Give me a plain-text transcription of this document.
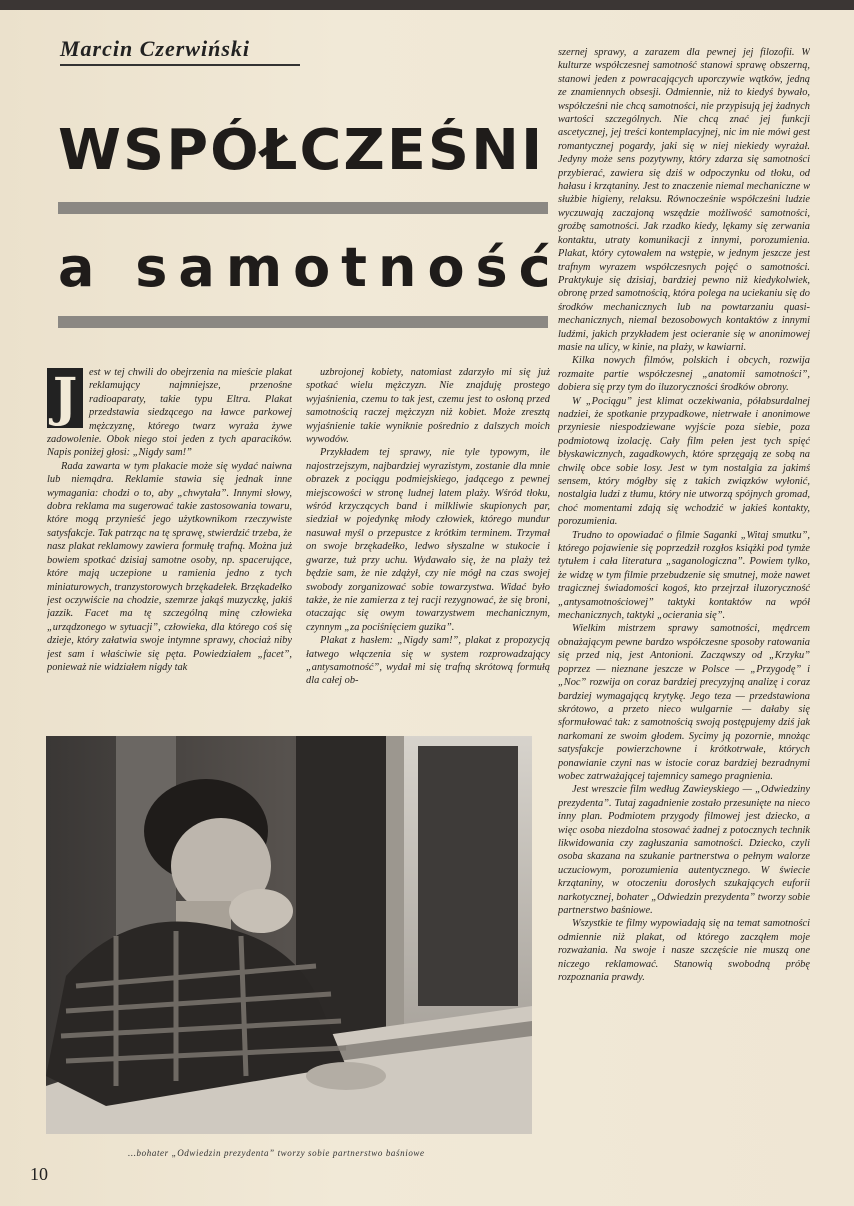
Marcin Czerwiński
WSPÓŁCZEŚNI
a samotność

J	est w tej chwili do obejrzenia na mieście plakat reklamujący najmniejsze, przenośne radioaparaty, takie typu Eltra. Plakat przedstawia siedzącego na ławce parkowej mężczyznę, którego twarz wyraża żywe zadowolenie. Obok niego stoi jeden z tych aparacików. Napis poniżej głosi: „Nigdy sam!”

Rada zawarta w tym plakacie może się wydać naiwna lub niemądra. Reklamie stawia się jednak inne wymagania: chodzi o to, aby „chwytała”. Innymi słowy, dobra reklama ma sugerować takie zastosowania towaru, które mogą przynieść jego użytkownikom rzeczywiste satysfakcje. Tak patrząc na tę sprawę, stwierdzić trzeba, że nasz plakat reklamowy zawiera formułę trafną. Można już bowiem spotkać dzisiaj samotne osoby, np. spacerujące, które mają uczepione u ramienia jedno z tych miniaturowych, tranzystorowych brzękadełek. Brzękadełko jest oczywiście na chodzie, szemrze jakąś muzyczkę, jakiś jazzik. Facet ma tę szczególną minę człowieka „urządzonego w sytuacji”, człowieka, dla którego coś się dzieje, który załatwia swoje intymne sprawy, chociaż niby jest sam i właściwie się pęta. Powiedziałem „facet”, ponieważ nie widziałem nigdy tak

uzbrojonej kobiety, natomiast zdarzyło mi się już spotkać wielu mężczyzn. Nie znajduję prostego wyjaśnienia, czemu to tak jest, czemu jest to osłoną przed samotnością raczej mężczyzn niż kobiet. Może zresztą wyjaśnienie takie wyniknie pośrednio z dalszych moich wywodów.

Przykładem tej sprawy, nie tyle typowym, ile najostrzejszym, najbardziej wyrazistym, zostanie dla mnie obrazek z pociągu podmiejskiego, jadącego z pewnej miejscowości w stronę ludnej latem plaży. Wśród tłoku, wśród krzyczących band i milkliwie skupionych par, siedział w pojedynkę młody człowiek, którego mundur nasuwał myśl o przepustce z krótkim terminem. Trzymał on swoje brzękadełko, ledwo słyszalne w stukocie i gwarze, tuż przy uchu. Wydawało się, że na plaży też będzie sam, że nie zdążył, czy nie mógł na czas swojej swobody zorganizować sobie towarzystwa. Widać było także, że nie zamierza z tej racji rezygnować, że się broni, otaczając się owym towarzystwem mechanicznym, czynnym „za pociśnięciem guzika”.

Plakat z hasłem: „Nigdy sam!”, plakat z propozycją łatwego włączenia się w system rozprowadzający „antysamotność”, wydał mi się trafną skrótową formułą dla całej ob-

szernej sprawy, a zarazem dla pewnej jej filozofii. W kulturze współczesnej samotność stanowi sprawę obszerną, stanowi jeden z powracających uporczywie wątków, jedną ze znamiennych obsesji. Odmiennie, niż to kiedyś bywało, współcześni nie chcą samotności, nie przypisują jej żadnych wartości szczególnych. Nie chcą znać jej funkcji ascetycznej, jej treści kontemplacyjnej, nic im nie mówi gest romantycznej pogardy, jaki się w niej niekiedy wyrażał. Jedyny może sens pozytywny, który zdarza się samotności przybierać, zawiera się dziś w odpoczynku od tłoku, od hałasu i krzątaniny. Jest to znaczenie niemal mechaniczne w służbie higieny, relaksu. Równocześnie współcześni ludzie wyczuwają zaczajoną wszędzie możliwość samotności, groźbę samotności. Jak rzadko kiedy, lękamy się zerwania kontaktu, utraty komunikacji z innymi, porozumienia. Plakat, który cytowałem na wstępie, w jednym jeszcze jest trafnym wyrazem współczesnych pojęć o samotności. Praktykuje się dzisiaj, bardziej pewno niż kiedykolwiek, obronę przed samotnością, która polega na uciekaniu się do środków mechanicznych lub na powtarzaniu quasi-mechanicznych, niemal bezosobowych kontaktów z innymi ludźmi, jakich przykładem jest ocieranie się w anonimowej masie na ulicy, w kinie, na plaży, w kawiarni.

Kilka nowych filmów, polskich i obcych, rozwija rozmaite partie współczesnej „anatomii samotności”, dobiera się przy tym do iluzoryczności środków obrony.

W „Pociągu” jest klimat oczekiwania, półabsurdalnej nadziei, że spotkanie przypadkowe, nietrwałe i anonimowe przyniesie niespodziewane wyjście poza siebie, poza podmiotową izolację. Cały film pełen jest tych spięć błyskawicznych, zagadkowych, które sprzęgają ze sobą na chwilę obce sobie losy. Jest w tym nostalgia za jakimś sensem, który mógłby się z takich związków wyłonić, nostalgia ludzi z tłumu, który nie utworzą spójnych gromad, choć momentami zdają się wchodzić w jakieś kontakty, porozumienia.

Trudno to opowiadać o filmie Saganki „Witaj smutku”, którego pojawienie się poprzedził rozgłos książki pod tymże tytułem i cała literatura „saganologiczna”. Powiem tylko, że widzę w tym filmie przebudzenie się smutnej, może nawet tragicznej świadomości kogoś, kto przejrzał iluzoryczność „antysamotnościowej” taktyki kontaktów na wpół mechanicznych, taktyki „ocierania się”.

Wielkim mistrzem sprawy samotności, mędrcem obnażającym pewne bardzo współczesne sposoby ratowania się przed nią, jest Antonioni. Zacząwszy od „Krzyku” poprzez — nieznane jeszcze w Polsce — „Przygodę” i „Noc” rozwija on coraz bardziej precyzyjną analizę i coraz bardziej wymagającą krytykę. Jego teza — przedstawiona skrótowo, a przeto nieco wulgarnie — dałaby się sformułować tak: z samotnością swoją postępujemy dziś jak narkomani ze swoim głodem. Sycimy ją pozornie, mnożąc satysfakcje powierzchowne i krótkotrwałe, których ponawianie czyni nas w istocie coraz bardziej bezradnymi wobec zatrważającej tajemnicy samego pragnienia.

Jest wreszcie film według Zawieyskiego — „Odwiedziny prezydenta”. Tutaj zagadnienie zostało przesunięte na nieco inny plan. Podmiotem przygody filmowej jest dziecko, a więc osoba niezdolna stosować żadnej z potocznych technik likwidowania czy zagłuszania samotności. Dziecko, czyli osoba skazana na szukanie partnerstwa o pełnym walorze uczuciowym, porozumienia autentycznego. W świecie krzątaniny, w otoczeniu dorosłych szukających euforii narkotycznej, bohater „Odwiedzin prezydenta” tworzy sobie partnerstwo baśniowe.

Wszystkie te filmy wypowiadają się na temat samotności odmiennie niż plakat, od którego zacząłem moje rozważania. Na swoje i nasze szczęście nie muszą one niczego reklamować. Stanowią swobodną próbę rozpoznania prawdy.

...bohater „Odwiedzin prezydenta” tworzy sobie partnerstwo baśniowe
10
